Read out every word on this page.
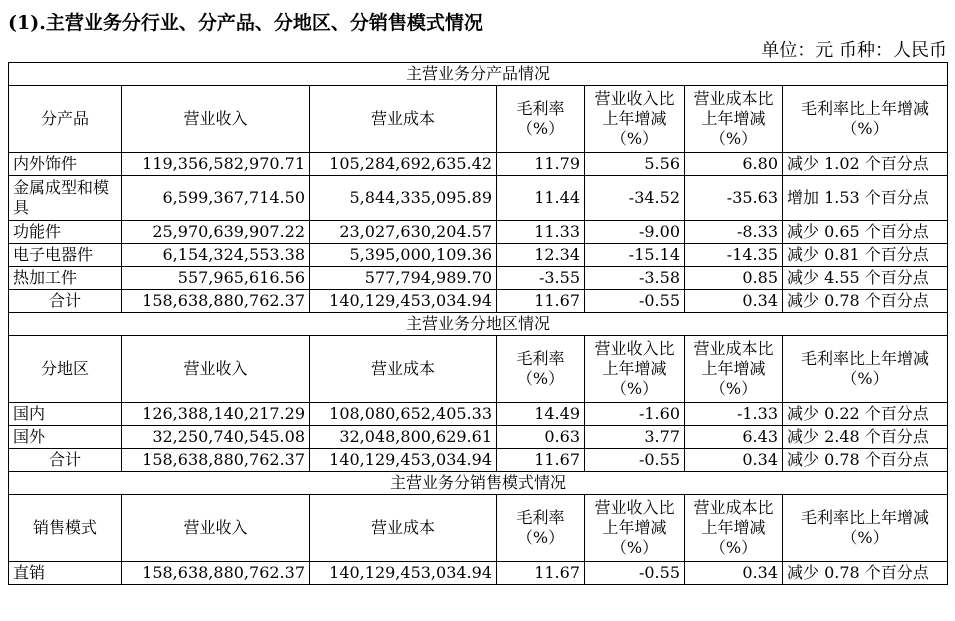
(1).主营业务分行业、分产品、分地区、分销售模式情况
单位：元 币种：人民币
主营业务分产品情况						
分产品	营业收入	营业成本	毛利率（%）	营业收入比上年增减（%）	营业成本比上年增减（%）	毛利率比上年增减（%）
内外饰件	119,356,582,970.71	105,284,692,635.42	11.79	5.56	6.80	减少 1.02 个百分点
金属成型和模具	6,599,367,714.50	5,844,335,095.89	11.44	-34.52	-35.63	增加 1.53 个百分点
功能件	25,970,639,907.22	23,027,630,204.57	11.33	-9.00	-8.33	减少 0.65 个百分点
电子电器件	6,154,324,553.38	5,395,000,109.36	12.34	-15.14	-14.35	减少 0.81 个百分点
热加工件	557,965,616.56	577,794,989.70	-3.55	-3.58	0.85	减少 4.55 个百分点
合计	158,638,880,762.37	140,129,453,034.94	11.67	-0.55	0.34	减少 0.78 个百分点
主营业务分地区情况						
分地区	营业收入	营业成本	毛利率（%）	营业收入比上年增减（%）	营业成本比上年增减（%）	毛利率比上年增减（%）
国内	126,388,140,217.29	108,080,652,405.33	14.49	-1.60	-1.33	减少 0.22 个百分点
国外	32,250,740,545.08	32,048,800,629.61	0.63	3.77	6.43	减少 2.48 个百分点
合计	158,638,880,762.37	140,129,453,034.94	11.67	-0.55	0.34	减少 0.78 个百分点
主营业务分销售模式情况						
销售模式	营业收入	营业成本	毛利率（%）	营业收入比上年增减（%）	营业成本比上年增减（%）	毛利率比上年增减（%）
直销	158,638,880,762.37	140,129,453,034.94	11.67	-0.55	0.34	减少 0.78 个百分点
